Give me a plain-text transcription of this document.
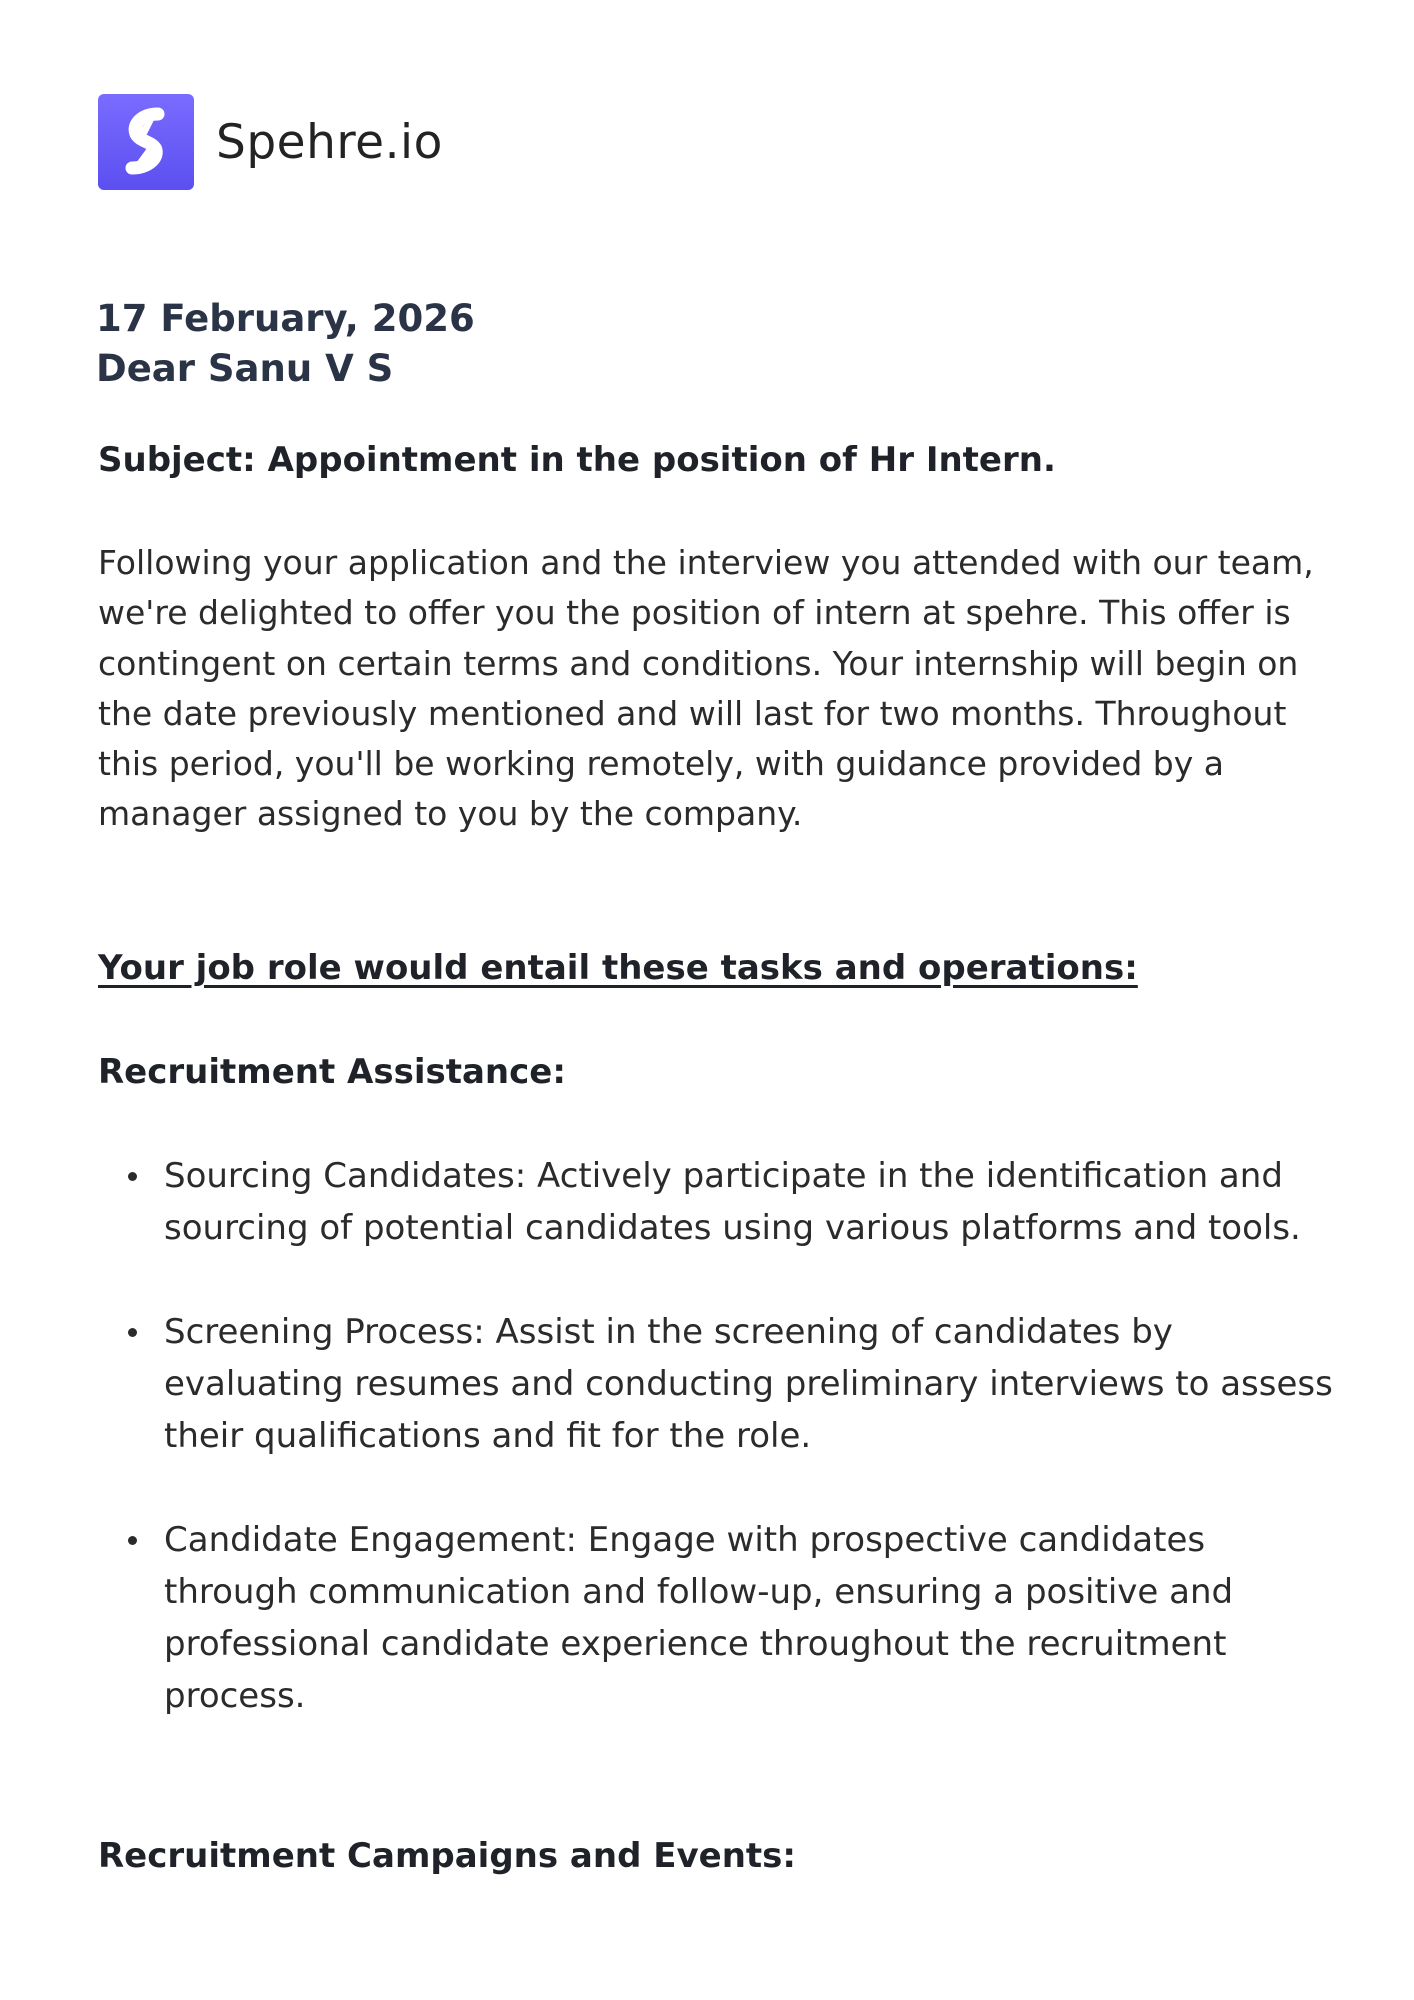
Spehre.io
17 February, 2026
Dear Sanu V S
Subject: Appointment in the position of Hr Intern.

Following your application and the interview you attended with our team, we're delighted to offer you the position of intern at spehre. This offer is contingent on certain terms and conditions. Your internship will begin on the date previously mentioned and will last for two months. Throughout this period, you'll be working remotely, with guidance provided by a manager assigned to you by the company.

Your job role would entail these tasks and operations:
Recruitment Assistance:
Sourcing Candidates: Actively participate in the identification and sourcing of potential candidates using various platforms and tools.
Screening Process: Assist in the screening of candidates by evaluating resumes and conducting preliminary interviews to assess their qualifications and fit for the role.
Candidate Engagement: Engage with prospective candidates through communication and follow-up, ensuring a positive and professional candidate experience throughout the recruitment process.
Recruitment Campaigns and Events:
